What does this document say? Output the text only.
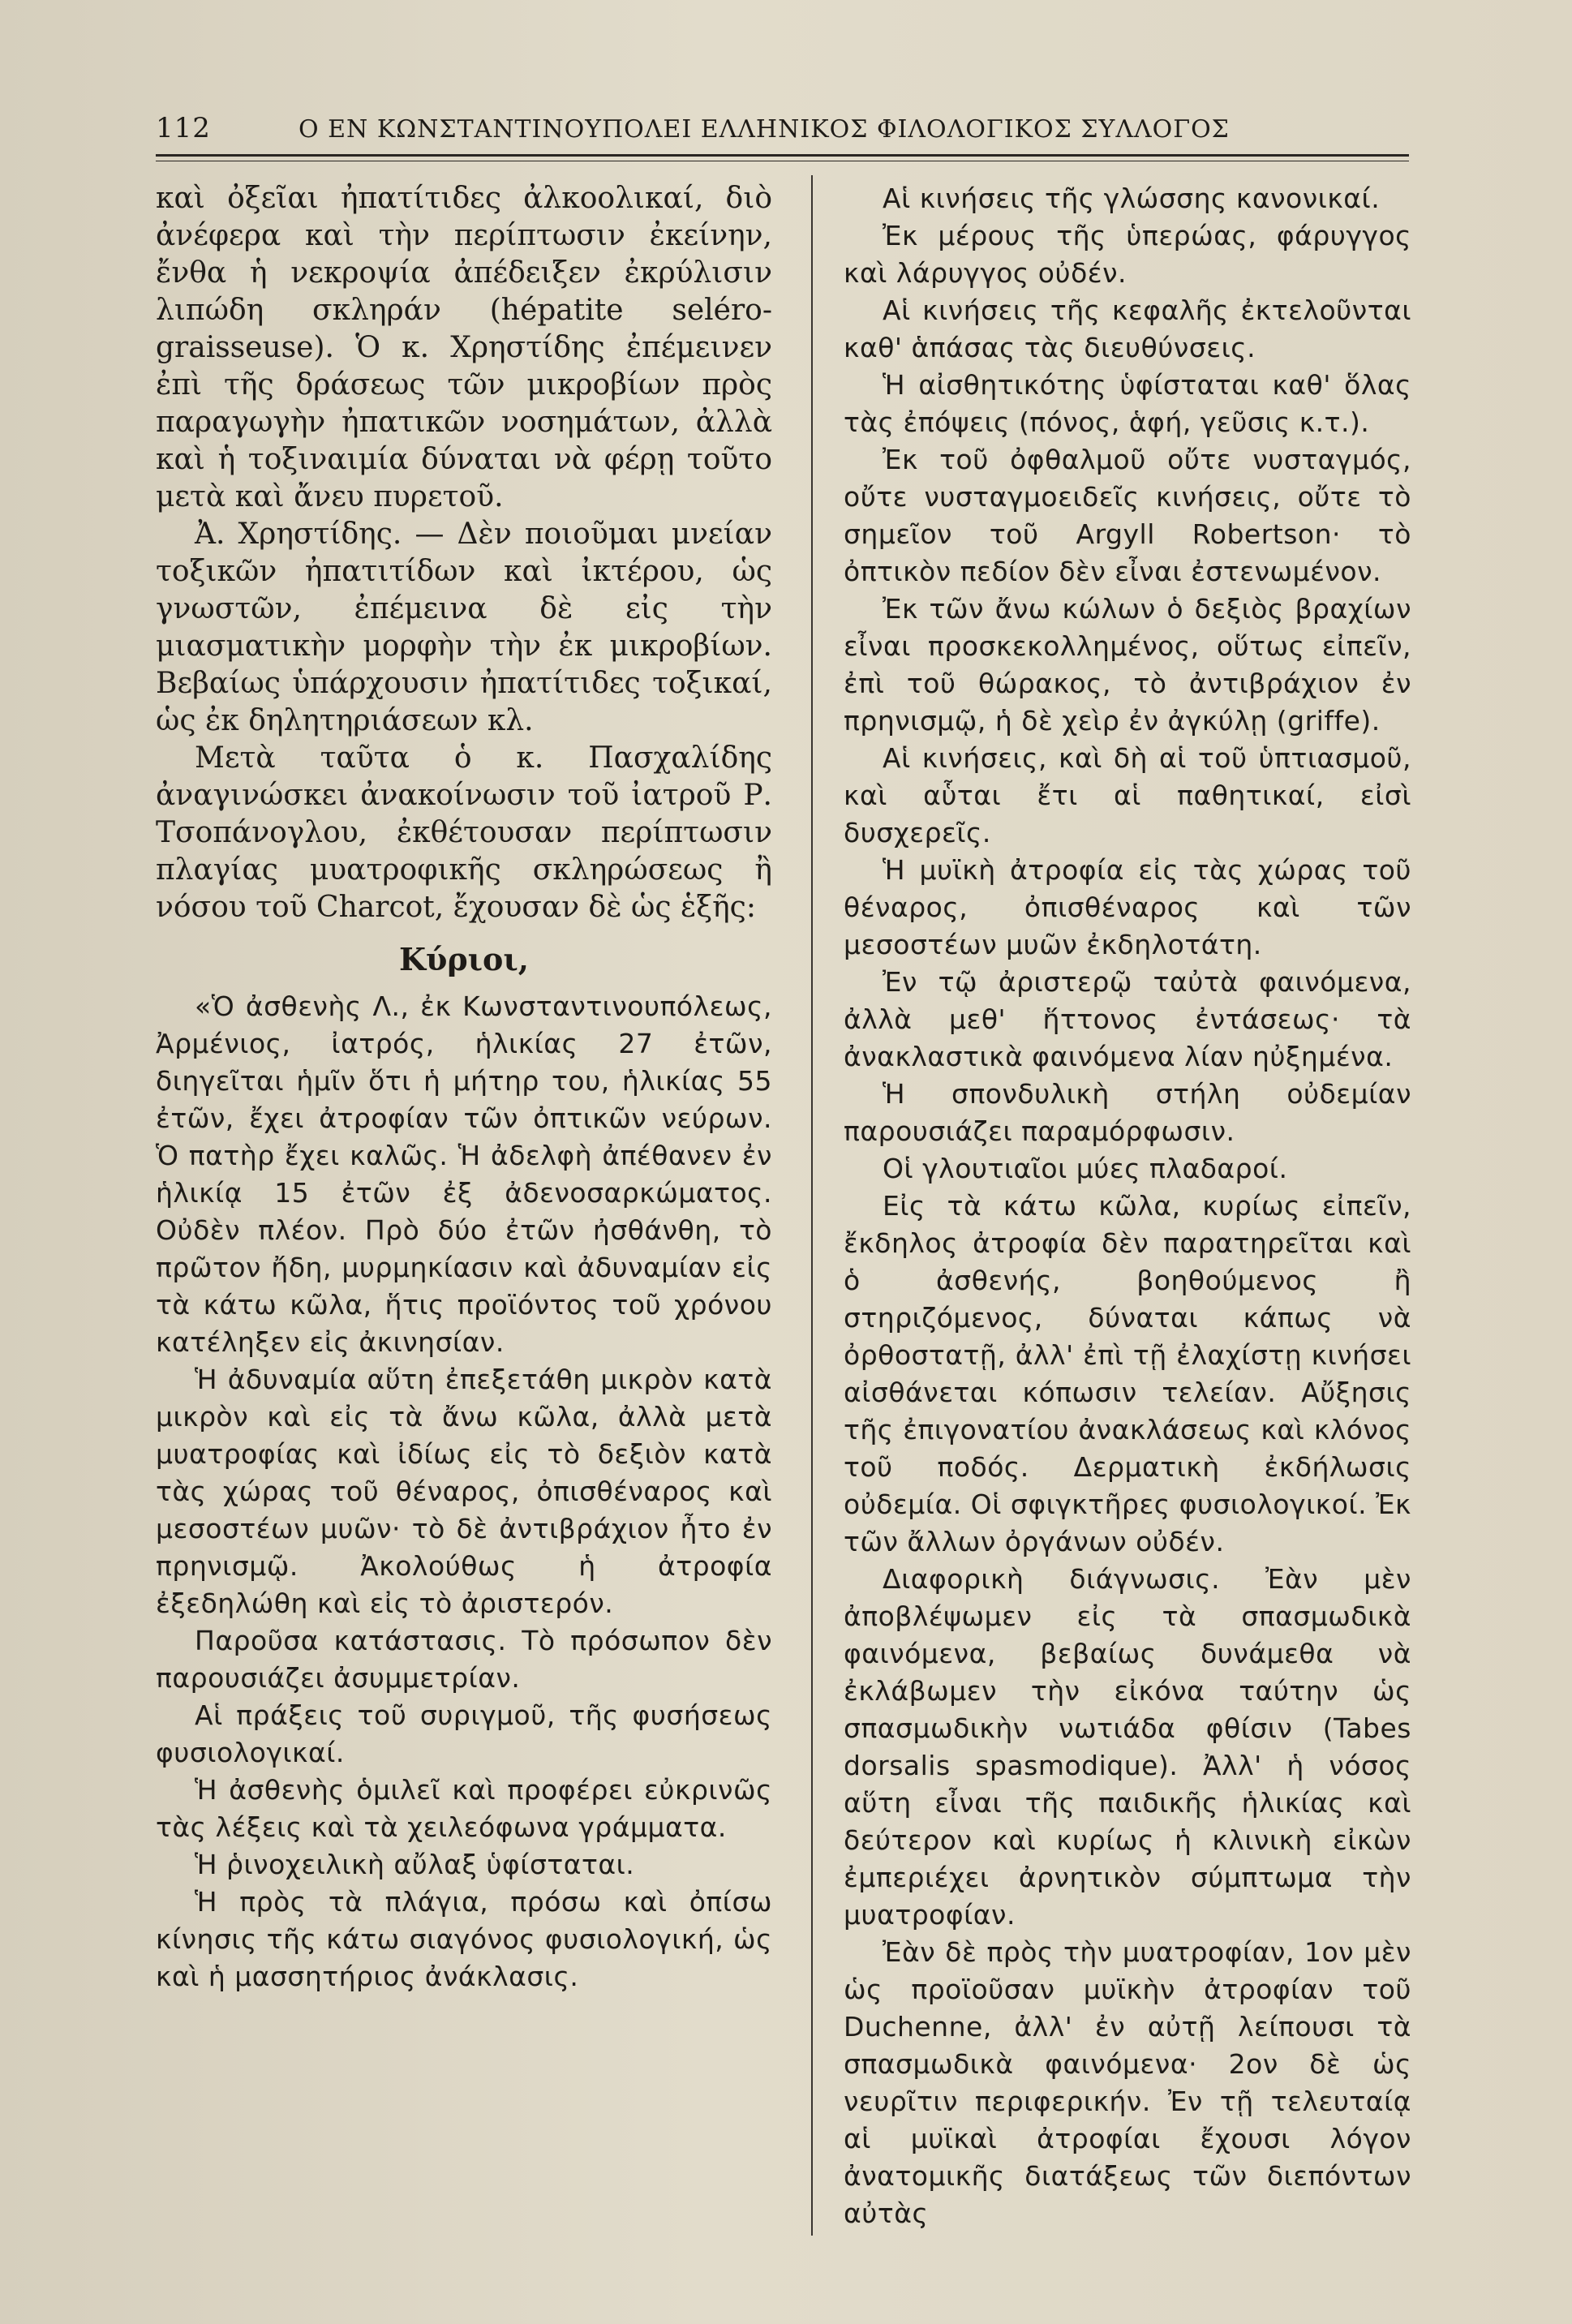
112	Ο ΕΝ ΚΩΝΣΤΑΝΤΙΝΟΥΠΟΛΕΙ ΕΛΛΗΝΙΚΟΣ ΦΙΛΟΛΟΓΙΚΟΣ ΣΥΛΛΟΓΟΣ

καὶ ὀξεῖαι ἠπατίτιδες ἀλκοολικαί, διὸ ἀνέφερα καὶ τὴν περίπτωσιν ἐκείνην, ἔνθα ἡ νεκροψία ἀπέδειξεν ἐκρύλισιν λιπώδη σκληράν (hépatite seléro-graisseuse). Ὁ κ. Χρηστίδης ἐπέμεινεν ἐπὶ τῆς δράσεως τῶν μικροβίων πρὸς παραγωγὴν ἠπατικῶν νοσημάτων, ἀλλὰ καὶ ἡ τοξιναιμία δύναται νὰ φέρῃ τοῦτο μετὰ καὶ ἄνευ πυρετοῦ.

Ἀ. Χρηστίδης. — Δὲν ποιοῦμαι μνείαν τοξικῶν ἠπατιτίδων καὶ ἰκτέρου, ὡς γνωστῶν, ἐπέμεινα δὲ εἰς τὴν μιασματικὴν μορφὴν τὴν ἐκ μικροβίων. Βεβαίως ὑπάρχουσιν ἠπατίτιδες τοξικαί, ὡς ἐκ δηλητηριάσεων κλ.

Μετὰ ταῦτα ὁ κ. Πασχαλίδης ἀναγινώσκει ἀνακοίνωσιν τοῦ ἰατροῦ Ρ. Τσοπάνογλου, ἐκθέτουσαν περίπτωσιν πλαγίας μυατροφικῆς σκληρώσεως ἢ νόσου τοῦ Charcot, ἔχουσαν δὲ ὡς ἑξῆς:

Κύριοι,

«Ὁ ἀσθενὴς Λ., ἐκ Κωνσταντινουπόλεως, Ἀρμένιος, ἰατρός, ἡλικίας 27 ἐτῶν, διηγεῖται ἡμῖν ὅτι ἡ μήτηρ του, ἡλικίας 55 ἐτῶν, ἔχει ἀτροφίαν τῶν ὀπτικῶν νεύρων. Ὁ πατὴρ ἔχει καλῶς. Ἡ ἀδελφὴ ἀπέθανεν ἐν ἡλικίᾳ 15 ἐτῶν ἐξ ἀδενοσαρκώματος. Οὐδὲν πλέον. Πρὸ δύο ἐτῶν ἠσθάνθη, τὸ πρῶτον ἤδη, μυρμηκίασιν καὶ ἀδυναμίαν εἰς τὰ κάτω κῶλα, ἥτις προϊόντος τοῦ χρόνου κατέληξεν εἰς ἀκινησίαν.

Ἡ ἀδυναμία αὕτη ἐπεξετάθη μικρὸν κατὰ μικρὸν καὶ εἰς τὰ ἄνω κῶλα, ἀλλὰ μετὰ μυατροφίας καὶ ἰδίως εἰς τὸ δεξιὸν κατὰ τὰς χώρας τοῦ θέναρος, ὀπισθέναρος καὶ μεσοστέων μυῶν· τὸ δὲ ἀντιβράχιον ἦτο ἐν πρηνισμῷ. Ἀκολούθως ἡ ἀτροφία ἐξεδηλώθη καὶ εἰς τὸ ἀριστερόν.

Παροῦσα κατάστασις. Τὸ πρόσωπον δὲν παρουσιάζει ἀσυμμετρίαν.

Αἱ πράξεις τοῦ συριγμοῦ, τῆς φυσήσεως φυσιολογικαί.

Ἡ ἀσθενὴς ὁμιλεῖ καὶ προφέρει εὐκρινῶς τὰς λέξεις καὶ τὰ χειλεόφωνα γράμματα.

Ἡ ῥινοχειλικὴ αὔλαξ ὑφίσταται.

Ἡ πρὸς τὰ πλάγια, πρόσω καὶ ὀπίσω κίνησις τῆς κάτω σιαγόνος φυσιολογική, ὡς καὶ ἡ μασσητήριος ἀνάκλασις.

Αἱ κινήσεις τῆς γλώσσης κανονικαί.

Ἐκ μέρους τῆς ὑπερώας, φάρυγγος καὶ λάρυγγος οὐδέν.

Αἱ κινήσεις τῆς κεφαλῆς ἐκτελοῦνται καθ' ἁπάσας τὰς διευθύνσεις.

Ἡ αἰσθητικότης ὑφίσταται καθ' ὅλας τὰς ἐπόψεις (πόνος, ἁφή, γεῦσις κ.τ.).

Ἐκ τοῦ ὀφθαλμοῦ οὔτε νυσταγμός, οὔτε νυσταγμοειδεῖς κινήσεις, οὔτε τὸ σημεῖον τοῦ Argyll Robertson· τὸ ὀπτικὸν πεδίον δὲν εἶναι ἐστενωμένον.

Ἐκ τῶν ἄνω κώλων ὁ δεξιὸς βραχίων εἶναι προσκεκολλημένος, οὕτως εἰπεῖν, ἐπὶ τοῦ θώρακος, τὸ ἀντιβράχιον ἐν πρηνισμῷ, ἡ δὲ χεὶρ ἐν ἀγκύλῃ (griffe).

Αἱ κινήσεις, καὶ δὴ αἱ τοῦ ὑπτιασμοῦ, καὶ αὗται ἔτι αἱ παθητικαί, εἰσὶ δυσχερεῖς.

Ἡ μυϊκὴ ἀτροφία εἰς τὰς χώρας τοῦ θέναρος, ὀπισθέναρος καὶ τῶν μεσοστέων μυῶν ἐκδηλοτάτη.

Ἐν τῷ ἀριστερῷ ταὐτὰ φαινόμενα, ἀλλὰ μεθ' ἥττονος ἐντάσεως· τὰ ἀνακλαστικὰ φαινόμενα λίαν ηὐξημένα.

Ἡ σπονδυλικὴ στήλη οὐδεμίαν παρουσιάζει παραμόρφωσιν.

Οἱ γλουτιαῖοι μύες πλαδαροί.

Εἰς τὰ κάτω κῶλα, κυρίως εἰπεῖν, ἔκδηλος ἀτροφία δὲν παρατηρεῖται καὶ ὁ ἀσθενής, βοηθούμενος ἢ στηριζόμενος, δύναται κάπως νὰ ὀρθοστατῇ, ἀλλ' ἐπὶ τῇ ἐλαχίστῃ κινήσει αἰσθάνεται κόπωσιν τελείαν. Αὔξησις τῆς ἐπιγονατίου ἀνακλάσεως καὶ κλόνος τοῦ ποδός. Δερματικὴ ἐκδήλωσις οὐδεμία. Οἱ σφιγκτῆρες φυσιολογικοί. Ἐκ τῶν ἄλλων ὀργάνων οὐδέν.

Διαφορικὴ διάγνωσις. Ἐὰν μὲν ἀποβλέψωμεν εἰς τὰ σπασμωδικὰ φαινόμενα, βεβαίως δυνάμεθα νὰ ἐκλάβωμεν τὴν εἰκόνα ταύτην ὡς σπασμωδικὴν νωτιάδα φθίσιν (Tabes dorsalis spasmodique). Ἀλλ' ἡ νόσος αὕτη εἶναι τῆς παιδικῆς ἡλικίας καὶ δεύτερον καὶ κυρίως ἡ κλινικὴ εἰκὼν ἐμπεριέχει ἀρνητικὸν σύμπτωμα τὴν μυατροφίαν.

Ἐὰν δὲ πρὸς τὴν μυατροφίαν, 1ον μὲν ὡς προϊοῦσαν μυϊκὴν ἀτροφίαν τοῦ Duchenne, ἀλλ' ἐν αὐτῇ λείπουσι τὰ σπασμωδικὰ φαινόμενα· 2ον δὲ ὡς νευρῖτιν περιφερικήν. Ἐν τῇ τελευταίᾳ αἱ μυϊκαὶ ἀτροφίαι ἔχουσι λόγον ἀνατομικῆς διατάξεως τῶν διεπόντων αὐτὰς
